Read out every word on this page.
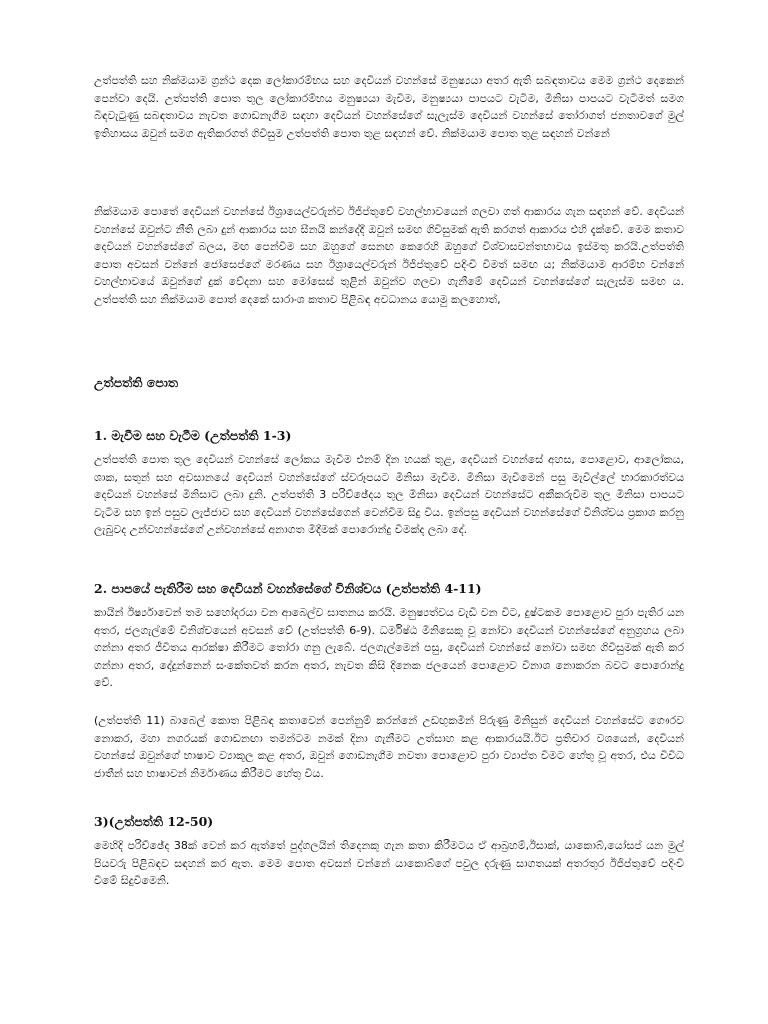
උත්පත්ති සහ නික්මයාම ග්‍රන්ථ දෙක ලෝකාරම්භය සහ දෙවියන් වහන්සේ මනුෂ්‍යයා අතර ඇති සබඳතාවය මෙම ග්‍රන්ථ දෙකෙන් පෙන්වා දෙයි. උත්පත්ති පොත තුල ලෝකාරම්භය මනුෂ්‍යයා මැවීම, මනුෂ්‍යයා පාපයට වැටීම, මිනිසා පාපයට වැටීමත් සමග බිඳවැටුණු සබඳතාවය නැවත ගොඩනැගීම සඳහා දෙවියන් වහන්සේගේ සැලැස්ම දෙවියන් වහන්සේ තෝරාගත් ජනතාවගේ මුල් ඉතිහාසය ඔවුන් සමග ඇතිකරගත් ගිවිසුම උත්පත්ති පොත තුළ සඳහන් වේ. නික්මයාම පොත තුළ සඳහන් වන්නේ

නික්මයාම පොතේ දෙවියන් වහන්සේ ඊශ්‍රායෙල්වරුන්ව ඊජිප්තුවේ වහල්භාවයෙන් ගලවා ගත් ආකාරය ගැන සඳහන් වේ. දෙවියන් වහන්සේ ඔවුන්ට නීති ලබා දුන් ආකාරය සහ සීනයි කන්දේදී ඔවුන් සමඟ ගිවිසුමක් ඇති කරගත් ආකාරය එහි දැක්වේ. මෙම කතාව දෙවියන් වහන්සේගේ බලය, මඟ පෙන්වීම සහ ඔහුගේ සෙනඟ කෙරෙහි ඔහුගේ විශ්වාසවන්තභාවය ඉස්මතු කරයි.උත්පත්ති පොත අවසන් වන්නේ ජෝසෙප්ගේ මරණය සහ ඊශ්‍රායෙල්වරුන් ඊජිප්තුවේ පදිංචි වීමත් සමඟ ය; නික්මයාම ආරම්භ වන්නේ වහල්භාවයේ ඔවුන්ගේ දුක් වේදනා සහ මෝසෙස් තුළින් ඔවුන්ව ගලවා ගැනීමේ දෙවියන් වහන්සේගේ සැලැස්ම සමඟ ය. උත්පත්ති සහ නික්මයාම පොත් දෙකේ සාරාංශ කතාව පිළිබඳ අවධානය යොමු කලහොත්,

උත්පත්ති පොත
1. මැවීම සහ වැටීම (උත්පත්ති 1-3)

උත්පත්ති පොත තුල දෙවියන් වහන්සේ ලෝකය මැවීම එනම් දින හයක් තුළ, දෙවියන් වහන්සේ අහස, පොළොව, ආලෝකය, ශාක, සතුන් සහ අවසානයේ දෙවියන් වහන්සේගේ ස්වරූපයට මිනිසා මැවීම. මිනිසා මැවීමෙන් පසු මැවිල්ලේ භාරකාරත්වය දෙවියන් වහන්සේ මිනිසාට ලබා දුනි. උත්පත්ති 3 පරිච්ඡේදය තුල මිනිසා දෙවියන් වහන්සේට අකීකරුවීම තුල මිනිසා පාපයට වැටීම සහ ඉන් පසුව ලැජ්ජාව සහ දෙවියන් වහන්සේගෙන් වෙන්වීම සිදු විය. ඉන්පසු දෙවියන් වහන්සේගේ විනිශ්චය ප්‍රකාශ කරනු ලැබුවද උන්වහන්සේගේ උන්වහන්සේ අනාගත මිදීමක් පොරොන්දු වීමක්ද ලබා දේ.

2. පාපයේ පැතිරීම සහ දෙවියන් වහන්සේගේ විනිශ්චය (උත්පත්ති 4-11)

කායින් ඊර්ෂ්‍යාවෙන් තම සහෝදරයා වන ආබෙල්ව ඝාතනය කරයි. මනුෂ්‍යත්වය වැඩි වන විට, දුෂ්ටකම පොළොව පුරා පැතිර යන අතර, ජලගැල්මේ විනිශ්චයෙන් අවසන් වේ (උත්පත්ති 6-9). ධර්මිෂ්ඨ මිනිසෙකු වූ නෝවා දෙවියන් වහන්සේගේ අනුග්‍රහය ලබා ගන්නා අතර ජීවිතය ආරක්ෂා කිරීමට තෝරා ගනු ලැබේ. ජලගැල්මෙන් පසු, දෙවියන් වහන්සේ නෝවා සමඟ ගිවිසුමක් ඇති කර ගන්නා අතර, දේදුන්නෙන් සංකේතවත් කරන අතර, නැවත කිසි දිනෙක ජලයෙන් පොළොව විනාශ නොකරන බවට පොරොන්දු වේ.

(උත්පත්ති 11) බාබෙල් කොත පිළිබඳ කතාවෙන් පෙන්නුම් කරන්නේ උඩඟුකමින් පිරුණු මිනිසුන් දෙවියන් වහන්සේට ගෞරව නොකර, මහා නගරයක් ගොඩනඟා තමන්ටම නමක් දිනා ගැනීමට උත්සාහ කළ ආකාරයයි.ඊට ප්‍රතිචාර වශයෙන්, දෙවියන් වහන්සේ ඔවුන්ගේ භාෂාව ව්‍යාකූල කළ අතර, ඔවුන් ගොඩනැගීම නවතා පොළොව පුරා ව්‍යාප්ත වීමට හේතු වූ අතර, එය විවිධ ජාතීන් සහ භාෂාවන් නිර්මාණය කිරීමට හේතු විය.

3)(උත්පත්ති 12-50)

මෙහිදි පරිච්ඡේද 38ක් වෙන් කර ඇත්තේ පුද්ගලයින් තිදෙනකු ගැන කතා කිරීමටය ඒ ආබ්‍රහම්,ඊසාක්, යාකොබ්,යෝසප් යන මුල් පියවරු පිළිබඳව සඳහන් කර ඇත. මෙම පොත අවසන් වන්නේ යාකොබ්ගේ පවුල දරුණු සාගතයක් අතරතුර ඊජිප්තුවේ පදිංචි වීමේ සිදුවීමෙනි.
